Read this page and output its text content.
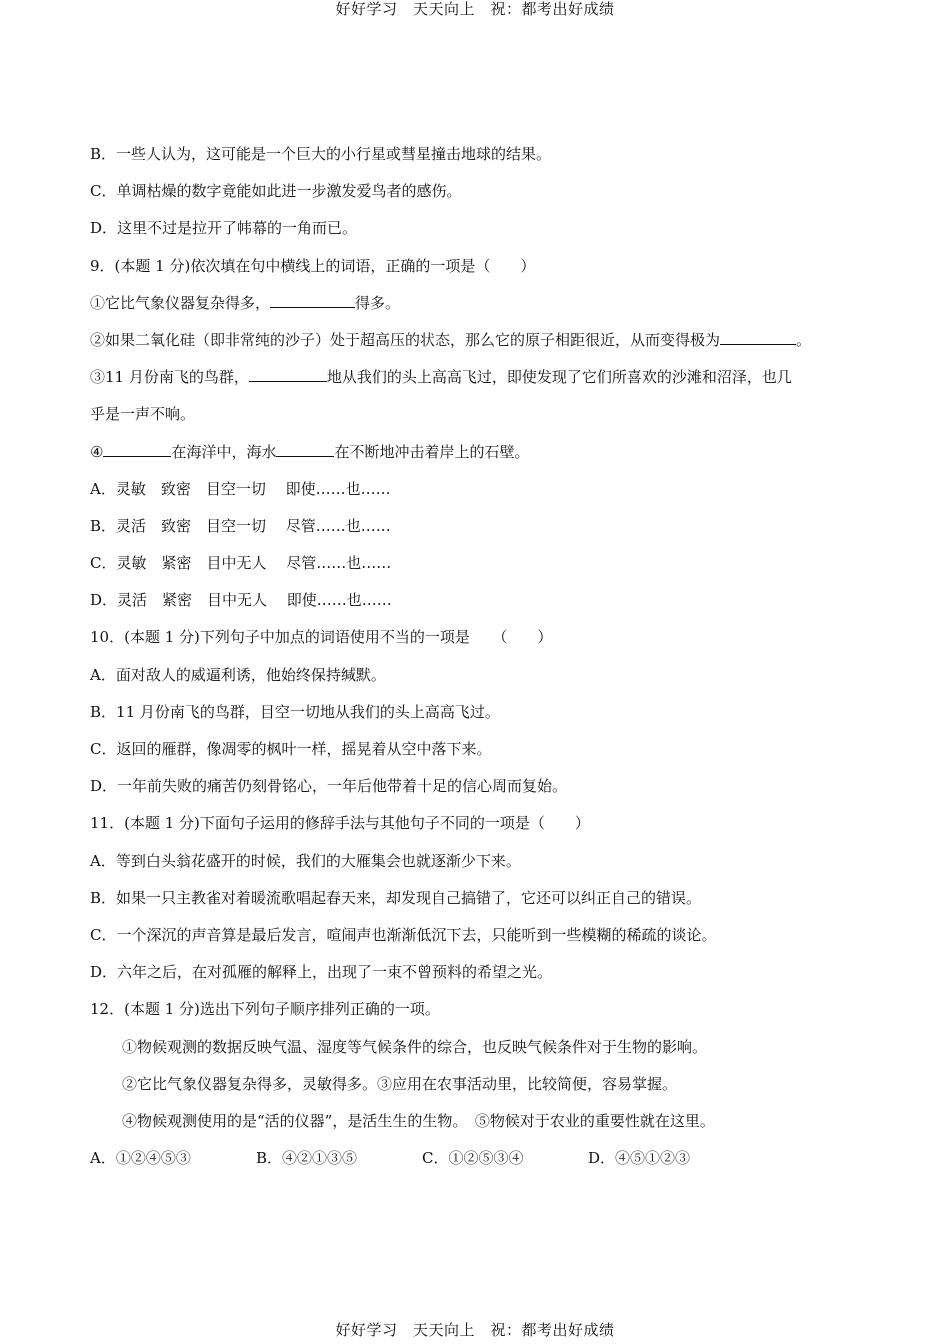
好好学习　天天向上　祝：都考出好成绩
B．一些人认为，这可能是一个巨大的小行星或彗星撞击地球的结果。
C．单调枯燥的数字竟能如此进一步激发爱鸟者的感伤。
D．这里不过是拉开了帏幕的一角而已。
9．(本题 1 分)依次填在句中横线上的词语，正确的一项是（　　）
①它比气象仪器复杂得多，	得多。
②如果二氧化硅（即非常纯的沙子）处于超高压的状态，那么它的原子相距很近，从而变得极为	。
③11 月份南飞的鸟群，	地从我们的头上高高飞过，即使发现了它们所喜欢的沙滩和沼泽，也几
乎是一声不响。
④	在海洋中，海水	在不断地冲击着岸上的石壁。
A．灵敏　致密　目空一切　 即使……也……
B．灵活　致密　目空一切　 尽管……也……
C．灵敏　紧密　目中无人　 尽管……也……
D．灵活　紧密　目中无人　 即使……也……
10．(本题 1 分)下列句子中加点的词语使用不当的一项是　　（　　）
A．面对敌人的威逼利诱，他始终保持缄默。
B．11 月份南飞的鸟群，目空一切地从我们的头上高高飞过。
C．返回的雁群，像凋零的枫叶一样，摇晃着从空中落下来。
D．一年前失败的痛苦仍刻骨铭心，一年后他带着十足的信心周而复始。
11．(本题 1 分)下面句子运用的修辞手法与其他句子不同的一项是（　　）
A．等到白头翁花盛开的时候，我们的大雁集会也就逐渐少下来。
B．如果一只主教雀对着暖流歌唱起春天来，却发现自己搞错了，它还可以纠正自己的错误。
C．一个深沉的声音算是最后发言，喧闹声也渐渐低沉下去，只能听到一些模糊的稀疏的谈论。
D．六年之后，在对孤雁的解释上，出现了一束不曾预料的希望之光。
12．(本题 1 分)选出下列句子顺序排列正确的一项。
①物候观测的数据反映气温、湿度等气候条件的综合，也反映气候条件对于生物的影响。
②它比气象仪器复杂得多，灵敏得多。③应用在农事活动里，比较简便，容易掌握。
④物候观测使用的是“活的仪器”，是活生生的生物。　⑤物候对于农业的重要性就在这里。
A．①②④⑤③	B．④②①③⑤	C．①②⑤③④	D．④⑤①②③
好好学习　天天向上　祝：都考出好成绩
